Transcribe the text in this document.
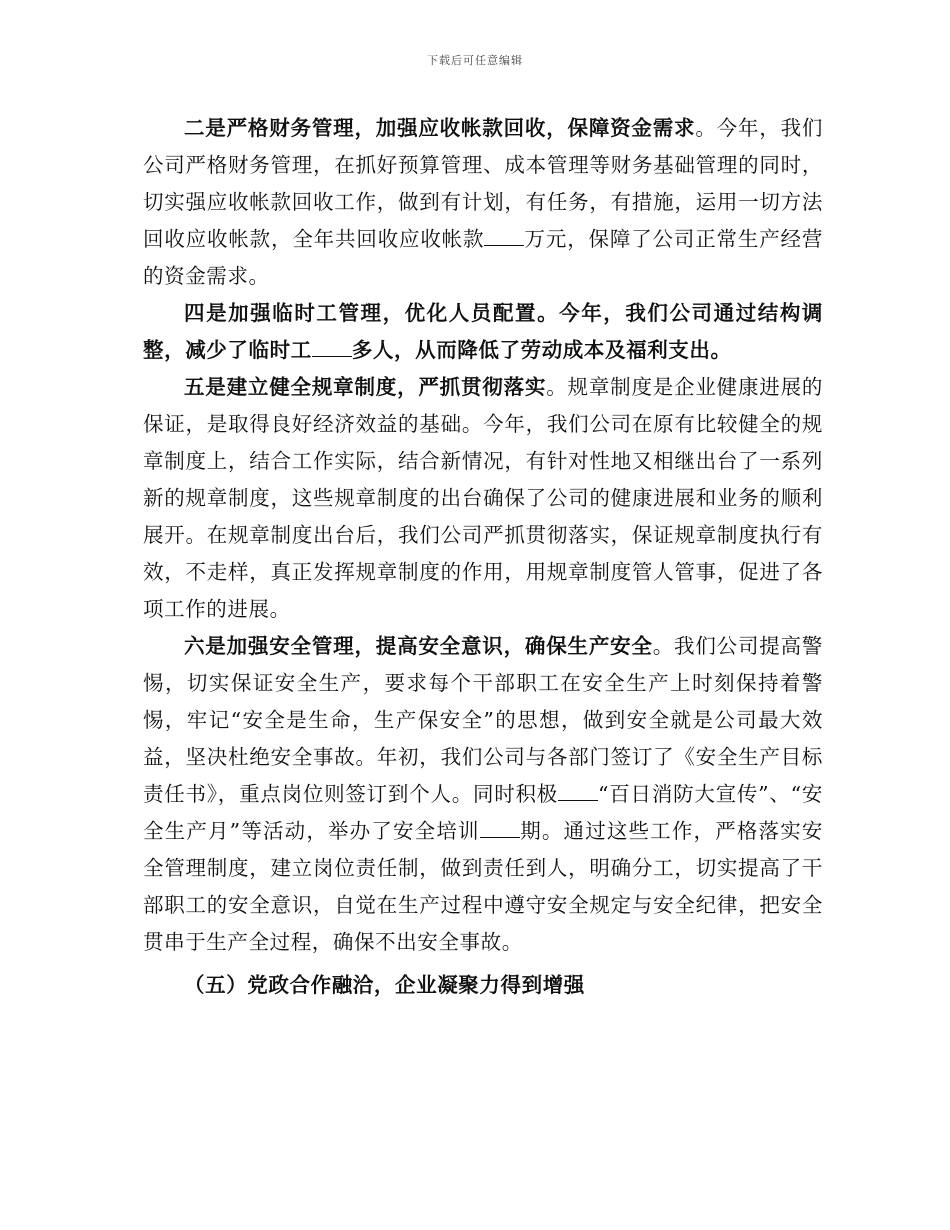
下载后可任意编辑

二是严格财务管理，加强应收帐款回收，保障资金需求。今年，我们公司严格财务管理，在抓好预算管理、成本管理等财务基础管理的同时，切实强应收帐款回收工作，做到有计划，有任务，有措施，运用一切方法回收应收帐款，全年共回收应收帐款 万元，保障了公司正常生产经营的资金需求。

四是加强临时工管理，优化人员配置。今年，我们公司通过结构调整，减少了临时工 多人，从而降低了劳动成本及福利支出。

五是建立健全规章制度，严抓贯彻落实。规章制度是企业健康进展的保证，是取得良好经济效益的基础。今年，我们公司在原有比较健全的规章制度上，结合工作实际，结合新情况，有针对性地又相继出台了一系列新的规章制度，这些规章制度的出台确保了公司的健康进展和业务的顺利展开。在规章制度出台后，我们公司严抓贯彻落实，保证规章制度执行有效，不走样，真正发挥规章制度的作用，用规章制度管人管事，促进了各项工作的进展。

六是加强安全管理，提高安全意识，确保生产安全。我们公司提高警惕，切实保证安全生产，要求每个干部职工在安全生产上时刻保持着警惕，牢记“安全是生命，生产保安全”的思想，做到安全就是公司最大效益，坚决杜绝安全事故。年初，我们公司与各部门签订了《安全生产目标责任书》，重点岗位则签订到个人。同时积极 “百日消防大宣传”、“安全生产月”等活动，举办了安全培训 期。通过这些工作，严格落实安全管理制度，建立岗位责任制，做到责任到人，明确分工，切实提高了干部职工的安全意识，自觉在生产过程中遵守安全规定与安全纪律，把安全贯串于生产全过程，确保不出安全事故。

（五）党政合作融洽，企业凝聚力得到增强
